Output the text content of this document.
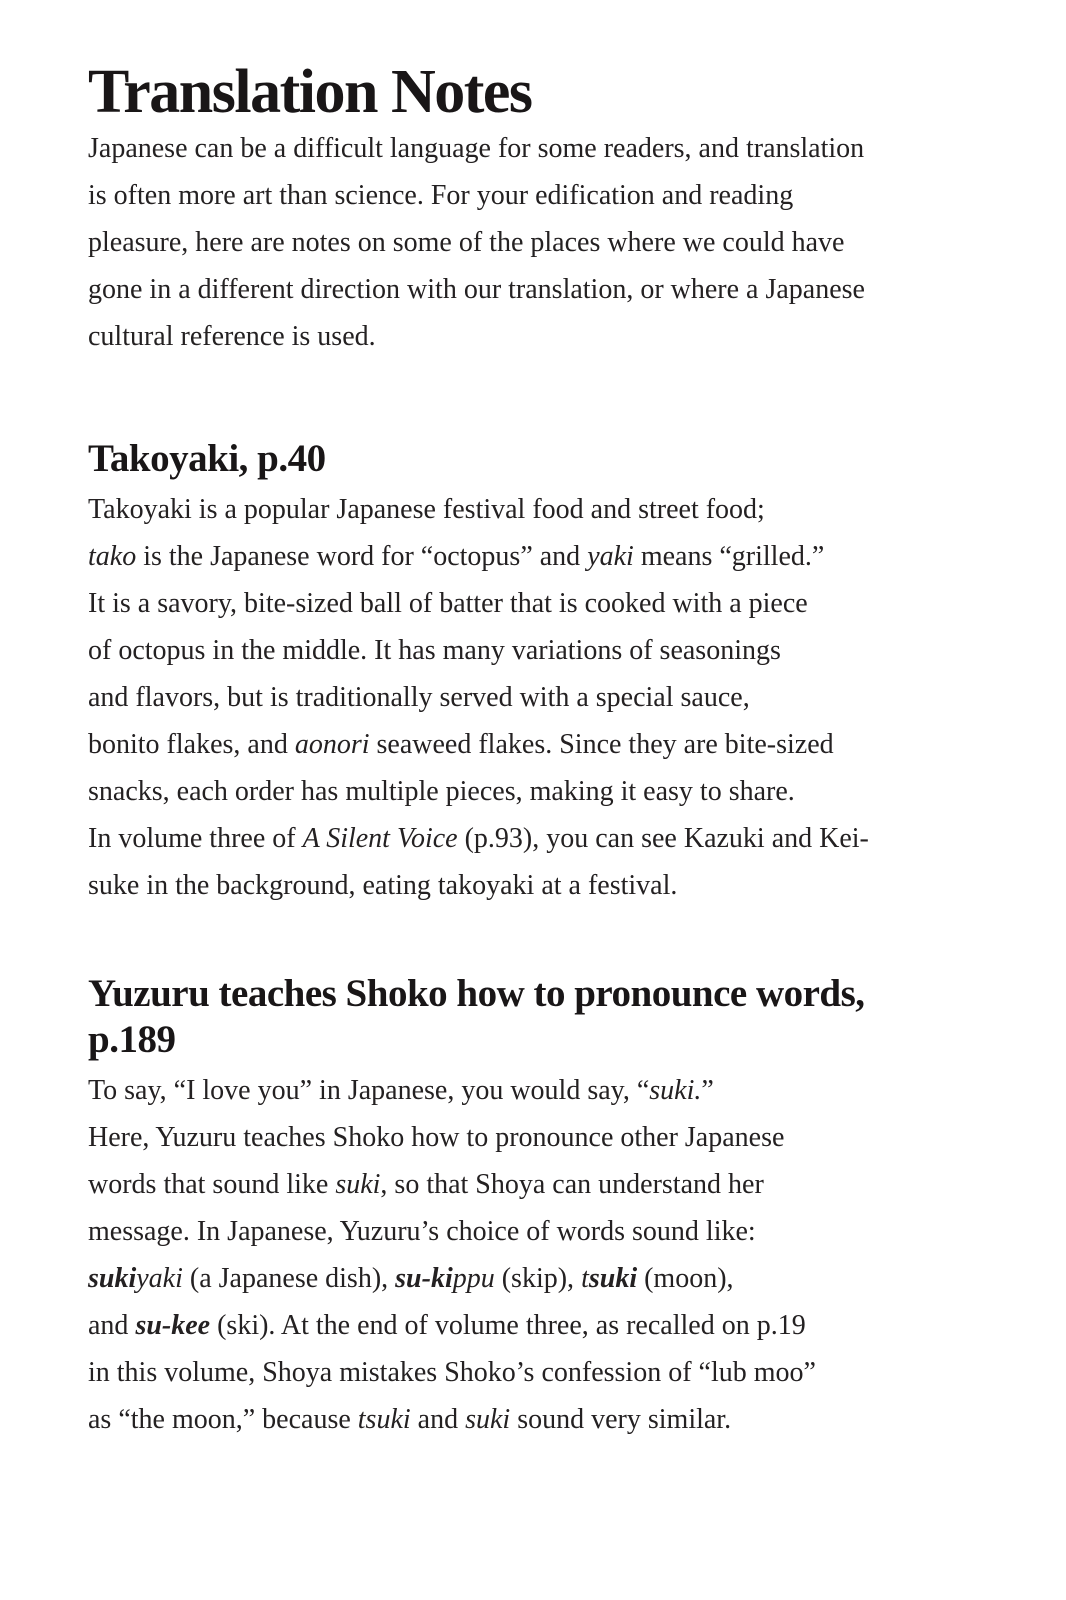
Translation Notes

Japanese can be a difficult language for some readers, and translation
is often more art than science. For your edification and reading
pleasure, here are notes on some of the places where we could have
gone in a different direction with our translation, or where a Japanese
cultural reference is used.

Takoyaki, p.40

Takoyaki is a popular Japanese festival food and street food;
tako is the Japanese word for “octopus” and yaki means “grilled.”
It is a savory, bite-sized ball of batter that is cooked with a piece
of octopus in the middle. It has many variations of seasonings
and flavors, but is traditionally served with a special sauce,
bonito flakes, and aonori seaweed flakes. Since they are bite-sized
snacks, each order has multiple pieces, making it easy to share.
In volume three of A Silent Voice (p.93), you can see Kazuki and Kei-
suke in the background, eating takoyaki at a festival.

Yuzuru teaches Shoko how to pronounce words,
p.189

To say, “I love you” in Japanese, you would say, “suki.”
Here, Yuzuru teaches Shoko how to pronounce other Japanese
words that sound like suki, so that Shoya can understand her
message. In Japanese, Yuzuru’s choice of words sound like:
sukiyaki (a Japanese dish), su-kippu (skip), tsuki (moon),
and su-kee (ski). At the end of volume three, as recalled on p.19
in this volume, Shoya mistakes Shoko’s confession of “lub moo”
as “the moon,” because tsuki and suki sound very similar.
